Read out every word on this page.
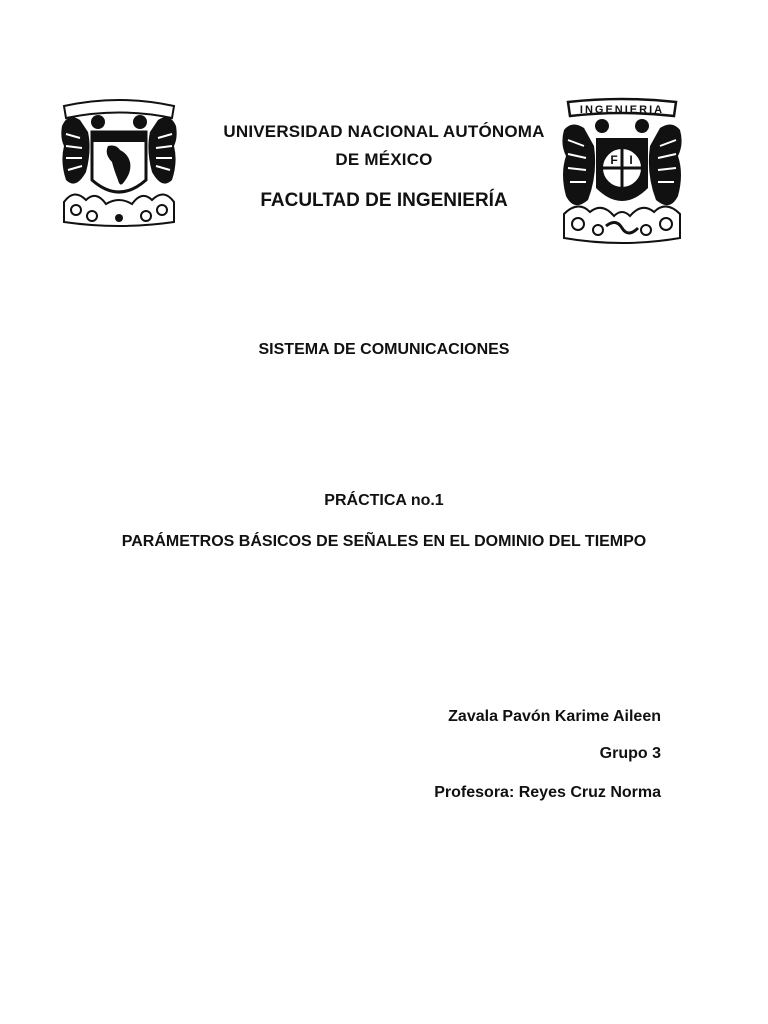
INGENIERIA
F I
UNIVERSIDAD NACIONAL AUTÓNOMA
DE MÉXICO
FACULTAD DE INGENIERÍA
SISTEMA DE COMUNICACIONES
PRÁCTICA no.1
PARÁMETROS BÁSICOS DE SEÑALES EN EL DOMINIO DEL TIEMPO
Zavala Pavón Karime Aileen
Grupo 3
Profesora: Reyes Cruz Norma
